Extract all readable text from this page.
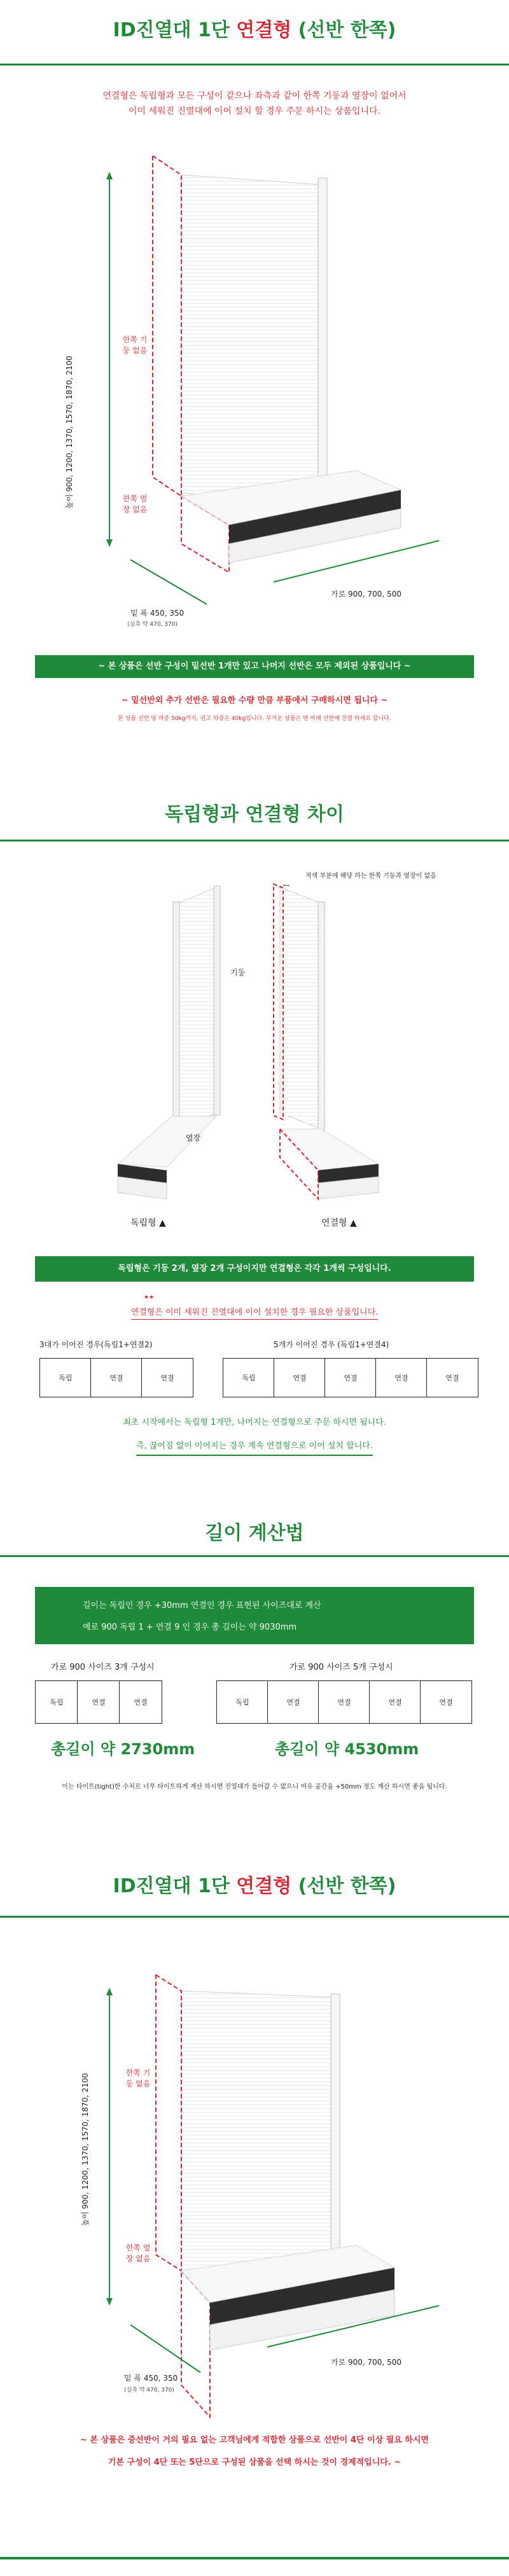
ID진열대 1단 연결형 (선반 한쪽)
연결형은 독립형과 모든 구성이 같으나 좌측과 같이 한쪽 기둥과 옆장이 없어서
이미 세워진 진열대에 이어 설치 할 경우 주문 하시는 상품입니다.
높이 900, 1200, 1370, 1570, 1870, 2100
한쪽 기둥 없음
한쪽 옆장 없음
밑 폭 450, 350
(실측 약 470, 370)
가로 900, 700, 500
~ 본 상품은 선반 구성이 밑선반 1개만 있고 나머지 선반은 모두 제외된 상품입니다 ~
~ 밑선반외 추가 선반은 필요한 수량 만큼 부품에서 구매하시면 됩니다 ~
본 상품 선반 당 하중 50kg까지, 권고 하중은 40kg입니다. 무거운 상품은 맨 아래 선반에 진열 하세요 합니다.
독립형과 연결형 차이
적색 부분에 해당 하는 한쪽 기둥과 옆장이 없음
기둥
옆장
독립형 ▲	연결형 ▲
독립형은 기둥 2개, 옆장 2개 구성이지만 연결형은 각각 1개씩 구성입니다.
★★
연결형은 이미 세워진 진열대에 이어 설치한 경우 필요한 상품입니다.
3대가 이어진 경우(독립1+연결2)	5개가 이어진 경우 (독립1+연결4)
독립	연결	연결	독립	연결	연결	연결	연결
최초 시작에서는 독립형 1개만, 나머지는 연결형으로 주문 하시면 됩니다.
즉, 끊어짐 없이 이어지는 경우 계속 연결형으로 이어 설치 합니다.
길이 계산법
길이는 독립인 경우 +30mm 연결인 경우 표현된 사이즈대로 계산
예로 900 독립 1 + 연결 9 인 경우 총 길이는 약 9030mm
가로 900 사이즈 3개 구성시	가로 900 사이즈 5개 구성시
독립	연결	연결	독립	연결	연결	연결	연결
총길이 약 2730mm	총길이 약 4530mm
이는 타이트(tight)한 수치로 너무 타이트하게 계산 하시면 진열대가 들어갈 수 없으니 여유 공간을 +50mm 정도 계산 하시면 좋을 됩니다.
ID진열대 1단 연결형 (선반 한쪽)
높이 900, 1200, 1370, 1570, 1870, 2100
한쪽 기둥 없음
한쪽 옆장 없음
밑 폭 450, 350
(실측 약 470, 370)
가로 900, 700, 500
~ 본 상품은 중선반이 거의 필요 없는 고객님에게 적합한 상품으로 선반이 4단 이상 필요 하시면
기본 구성이 4단 또는 5단으로 구성된 상품을 선택 하시는 것이 경제적입니다. ~
